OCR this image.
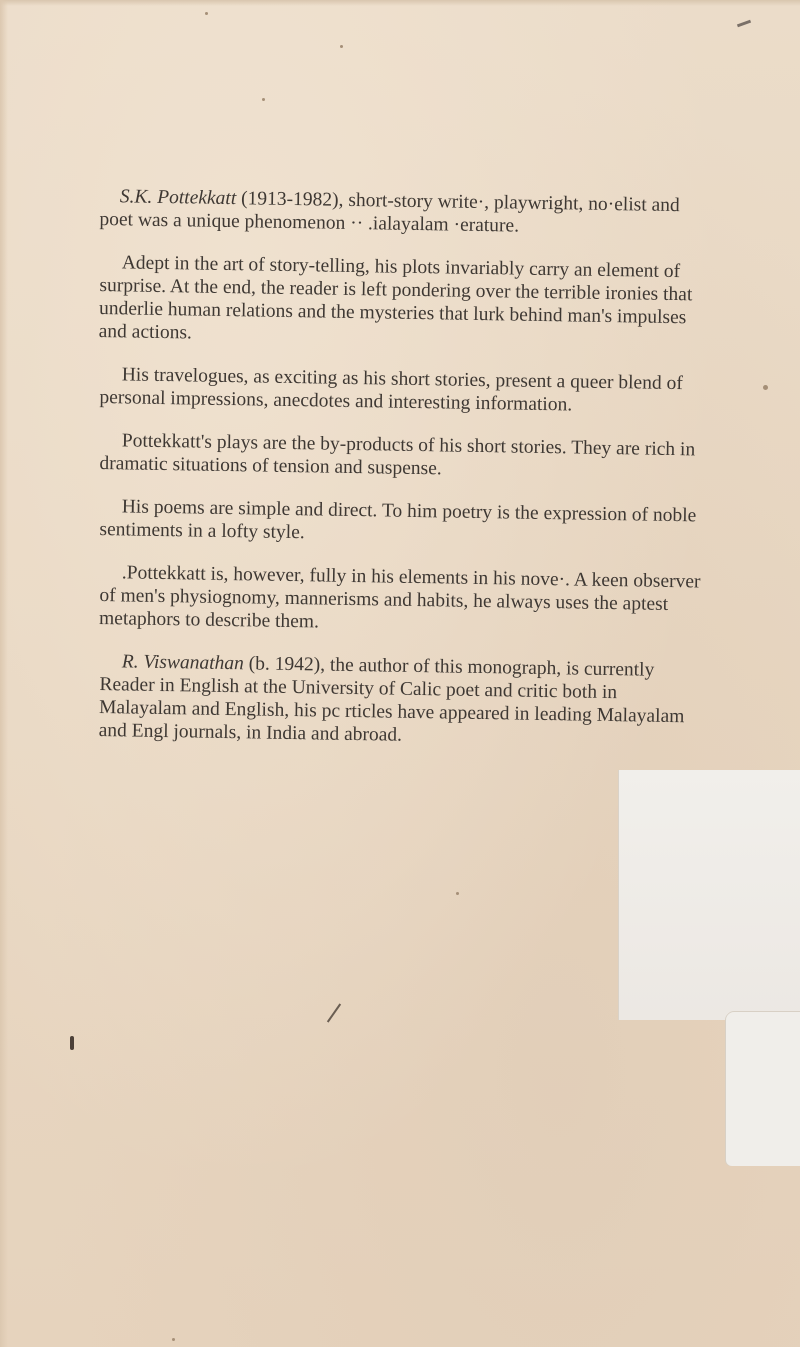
S.K. Pottekkatt (1913-1982), short-story write·, playwright, no·elist and poet was a unique phenomenon ·· .ialayalam ·erature.

Adept in the art of story-telling, his plots invariably carry an element of surprise. At the end, the reader is left pondering over the terrible ironies that underlie human relations and the mysteries that lurk behind man's impulses and actions.

His travelogues, as exciting as his short stories, present a queer blend of personal impressions, anecdotes and interesting information.

Pottekkatt's plays are the by-products of his short stories. They are rich in dramatic situations of tension and suspense.

His poems are simple and direct. To him poetry is the expression of noble sentiments in a lofty style.

.Pottekkatt is, however, fully in his elements in his nove·. A keen observer of men's physiognomy, mannerisms and habits, he always uses the aptest metaphors to describe them.

R. Viswanathan (b. 1942), the author of this monograph, is currently Reader in English at the University of Calic poet and critic both in Malayalam and English, his pc rticles have appeared in leading Malayalam and Engl journals, in India and abroad.
